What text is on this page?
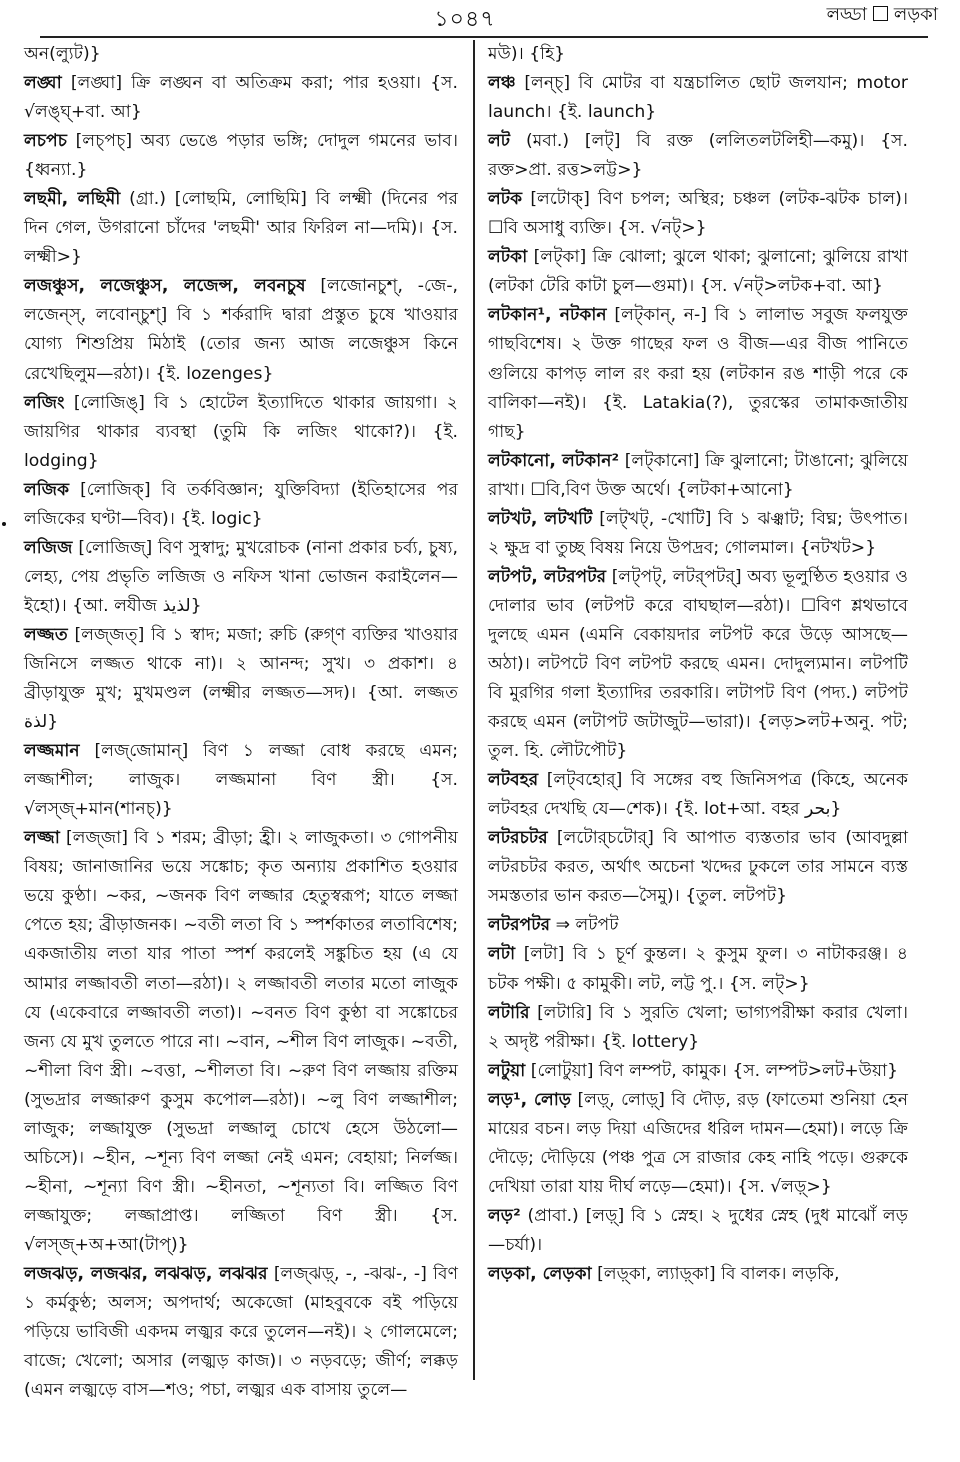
১০৪৭	লড্ডা লড়কা

অন(ল্যুট)}

লঙ্ঘা [লঙ্ঘা] ক্রি লঙ্ঘন বা অতিক্রম করা; পার হওয়া। {স. √লঙ্ঘ্‌+বা. আ}

লচপচ [লচ্‌পচ্‌] অব্য ভেঙে পড়ার ভঙ্গি; দোদুল গমনের ভাব। {ধ্বন্যা.}

লছমী, লছিমী (গ্রা.) [লোছমি, লোছিমি] বি লক্ষ্মী (দিনের পর দিন গেল, উগরানো চাঁদের 'লছমী' আর ফিরিল না—দমি)। {স. লক্ষ্মী>}

লজঞ্চুস, লজেঞ্চুস, লজেন্স, লবনচুষ [লজোনচুশ্‌, -জে-, লজেন্‌স্‌, লবোন্‌চুশ্‌] বি ১ শর্করাদি দ্বারা প্রস্তুত চুষে খাওয়ার যোগ্য শিশুপ্রিয় মিঠাই (তোর জন্য আজ লজেঞ্চুস কিনে রেখেছিলুম—রঠা)। {ই. lozenges}

লজিং [লোজিঙ্‌] বি ১ হোটেল ইত্যাদিতে থাকার জায়গা। ২ জায়গির থাকার ব্যবস্থা (তুমি কি লজিং থাকো?)। {ই. lodging}

লজিক [লোজিক্‌] বি তর্কবিজ্ঞান; যুক্তিবিদ্যা (ইতিহাসের পর লজিকের ঘণ্টা—বিব)। {ই. logic}

লজিজ [লোজিজ্‌] বিণ সুস্বাদু; মুখরোচক (নানা প্রকার চর্ব্য, চুষ্য, লেহ্য, পেয় প্রভৃতি লজিজ ও নফিস খানা ভোজন করাইলেন—ইহো)। {আ. লযীজ لذيذ}

লজ্জত [লজ্‌জত্‌] বি ১ স্বাদ; মজা; রুচি (রুগ্ণ ব্যক্তির খাওয়ার জিনিসে লজ্জত থাকে না)। ২ আনন্দ; সুখ। ৩ প্রকাশ। ৪ ব্রীড়াযুক্ত মুখ; মুখমণ্ডল (লক্ষ্মীর লজ্জত—সদ)। {আ. লজ্জত لذة}

লজ্জমান [লজ্‌জোমান্‌] বিণ ১ লজ্জা বোধ করছে এমন; লজ্জাশীল; লাজুক। লজ্জমানা বিণ স্ত্রী। {স. √লস্‌জ্‌+মান(শানচ্‌)}

লজ্জা [লজ্‌জা] বি ১ শরম; ব্রীড়া; হ্রী। ২ লাজুকতা। ৩ গোপনীয় বিষয়; জানাজানির ভয়ে সঙ্কোচ; কৃত অন্যায় প্রকাশিত হওয়ার ভয়ে কুণ্ঠা। ~কর, ~জনক বিণ লজ্জার হেতুস্বরূপ; যাতে লজ্জা পেতে হয়; ব্রীড়াজনক। ~বতী লতা বি ১ স্পর্শকাতর লতাবিশেষ; একজাতীয় লতা যার পাতা স্পর্শ করলেই সঙ্কুচিত হয় (এ যে আমার লজ্জাবতী লতা—রঠা)। ২ লজ্জাবতী লতার মতো লাজুক যে (একেবারে লজ্জাবতী লতা)। ~বনত বিণ কুণ্ঠা বা সঙ্কোচের জন্য যে মুখ তুলতে পারে না। ~বান, ~শীল বিণ লাজুক। ~বতী, ~শীলা বিণ স্ত্রী। ~বত্তা, ~শীলতা বি। ~রুণ বিণ লজ্জায় রক্তিম (সুভদ্রার লজ্জারুণ কুসুম কপোল—রঠা)। ~লু বিণ লজ্জাশীল; লাজুক; লজ্জাযুক্ত (সুভদ্রা লজ্জালু চোখে হেসে উঠলো—অচিসে)। ~হীন, ~শূন্য বিণ লজ্জা নেই এমন; বেহায়া; নির্লজ্জ। ~হীনা, ~শূন্যা বিণ স্ত্রী। ~হীনতা, ~শূন্যতা বি। লজ্জিত বিণ লজ্জাযুক্ত; লজ্জাপ্রাপ্ত। লজ্জিতা বিণ স্ত্রী। {স. √লস্‌জ্‌+অ+আ(টাপ্‌)}

লজঝড়, লজঝর, লঝঝড়, লঝঝর [লজ্‌ঝড়্‌, -, -ঝঝ-, -] বিণ ১ কর্মকুণ্ঠ; অলস; অপদার্থ; অকেজো (মাহবুবকে বই পড়িয়ে পড়িয়ে ভাবিজী একদম লজ্ঝর করে তুলেন—নই)। ২ গোলমেলে; বাজে; খেলো; অসার (লজ্ঝড় কাজ)। ৩ নড়বড়ে; জীর্ণ; লক্কড় (এমন লজ্ঝড়ে বাস—শও; পচা, লজ্ঝর এক বাসায় তুলে—

মউ)। {হি}

লঞ্চ [লন্‌চ্‌] বি মোটর বা যন্ত্রচালিত ছোট জলযান; motor launch। {ই. launch}

লট (মবা.) [লট্‌] বি রক্ত (ললিতলটলিহী—কমু)। {স. রক্ত>প্রা. রত্ত>লট্ট>}

লটক [লটোক্‌] বিণ চপল; অস্থির; চঞ্চল (লটক-ঝটক চাল)। ☐বি অসাধু ব্যক্তি। {স. √নট্‌>}

লটকা [লট্‌কা] ক্রি ঝোলা; ঝুলে থাকা; ঝুলানো; ঝুলিয়ে রাখা (লটকা টেরি কাটা চুল—গুমা)। {স. √নট্‌>লটক+বা. আ}

লটকান¹, নটকান [লট্‌কান্‌, ন-] বি ১ লালাভ সবুজ ফলযুক্ত গাছবিশেষ। ২ উক্ত গাছের ফল ও বীজ—এর বীজ পানিতে গুলিয়ে কাপড় লাল রং করা হয় (লটকান রঙ শাড়ী পরে কে বালিকা—নই)। {ই. Latakia(?), তুরস্কের তামাকজাতীয় গাছ}

লটকানো, লটকান² [লট্‌কানো] ক্রি ঝুলানো; টাঙানো; ঝুলিয়ে রাখা। ☐বি,বিণ উক্ত অর্থে। {লটকা+আনো}

লটখট, লটখটি [লট্‌খট্‌, -খোটি] বি ১ ঝঞ্ঝাট; বিঘ্ন; উৎপাত। ২ ক্ষুদ্র বা তুচ্ছ বিষয় নিয়ে উপদ্রব; গোলমাল। {নটখট>}

লটপট, লটরপটর [লট্‌পট্‌, লটর্‌পটর্‌] অব্য ভূলুণ্ঠিত হওয়ার ও দোলার ভাব (লটপট করে বাঘছাল—রঠা)। ☐বিণ শ্লথভাবে দুলছে এমন (এমনি বেকায়দার লটপট করে উড়ে আসছে—অঠা)। লটপটে বিণ লটপট করছে এমন। দোদুল্যমান। লটপটি বি মুরগির গলা ইত্যাদির তরকারি। লটাপট বিণ (পদ্য.) লটপট করছে এমন (লটাপট জটাজুট—ভারা)। {লড়>লট+অনু. পট; তুল. হি. লৌটপৌট}

লটবহর [লট্‌বহোর্‌] বি সঙ্গের বহু জিনিসপত্র (কিহে, অনেক লটবহর দেখছি যে—শেক)। {ই. lot+আ. বহর بحر}

লটরচটর [লটোর্‌চটোর্‌] বি আপাত ব্যস্ততার ভাব (আবদুল্লা লটরচটর করত, অর্থাৎ অচেনা খদ্দের ঢুকলে তার সামনে ব্যস্ত সমস্ততার ভান করত—সৈমু)। {তুল. লটপট}

লটরপটর ⇒ লটপট

লটা [লটা] বি ১ চূর্ণ কুন্তল। ২ কুসুম ফুল। ৩ নাটাকরঞ্জ। ৪ চটক পক্ষী। ৫ কামুকী। লট, লট্ট পু.। {স. লট্‌>}

লটারি [লটারি] বি ১ সুরতি খেলা; ভাগ্যপরীক্ষা করার খেলা। ২ অদৃষ্ট পরীক্ষা। {ই. lottery}

লটুয়া [লোটুয়া] বিণ লম্পট, কামুক। {স. লম্পট>লট+উয়া}

লড়¹, লোড় [লড়্‌, লোড়্‌] বি দৌড়, রড় (ফাতেমা শুনিয়া হেন মায়ের বচন। লড় দিয়া এজিদের ধরিল দামন—হেমা)। লড়ে ক্রি দৌড়ে; দৌড়িয়ে (পঞ্চ পুত্র সে রাজার কেহ নাহি পড়ে। গুরুকে দেখিয়া তারা যায় দীর্ঘ লড়ে—হেমা)। {স. √লড়্‌>}

লড়² (প্রাবা.) [লড়্‌] বি ১ স্নেহ। ২ দুধের স্নেহ (দুধ মাঝোঁ লড়—চর্যা)।

লড়কা, লেড়কা [লড়্‌কা, ল্যাড়্‌কা] বি বালক। লড়কি,
